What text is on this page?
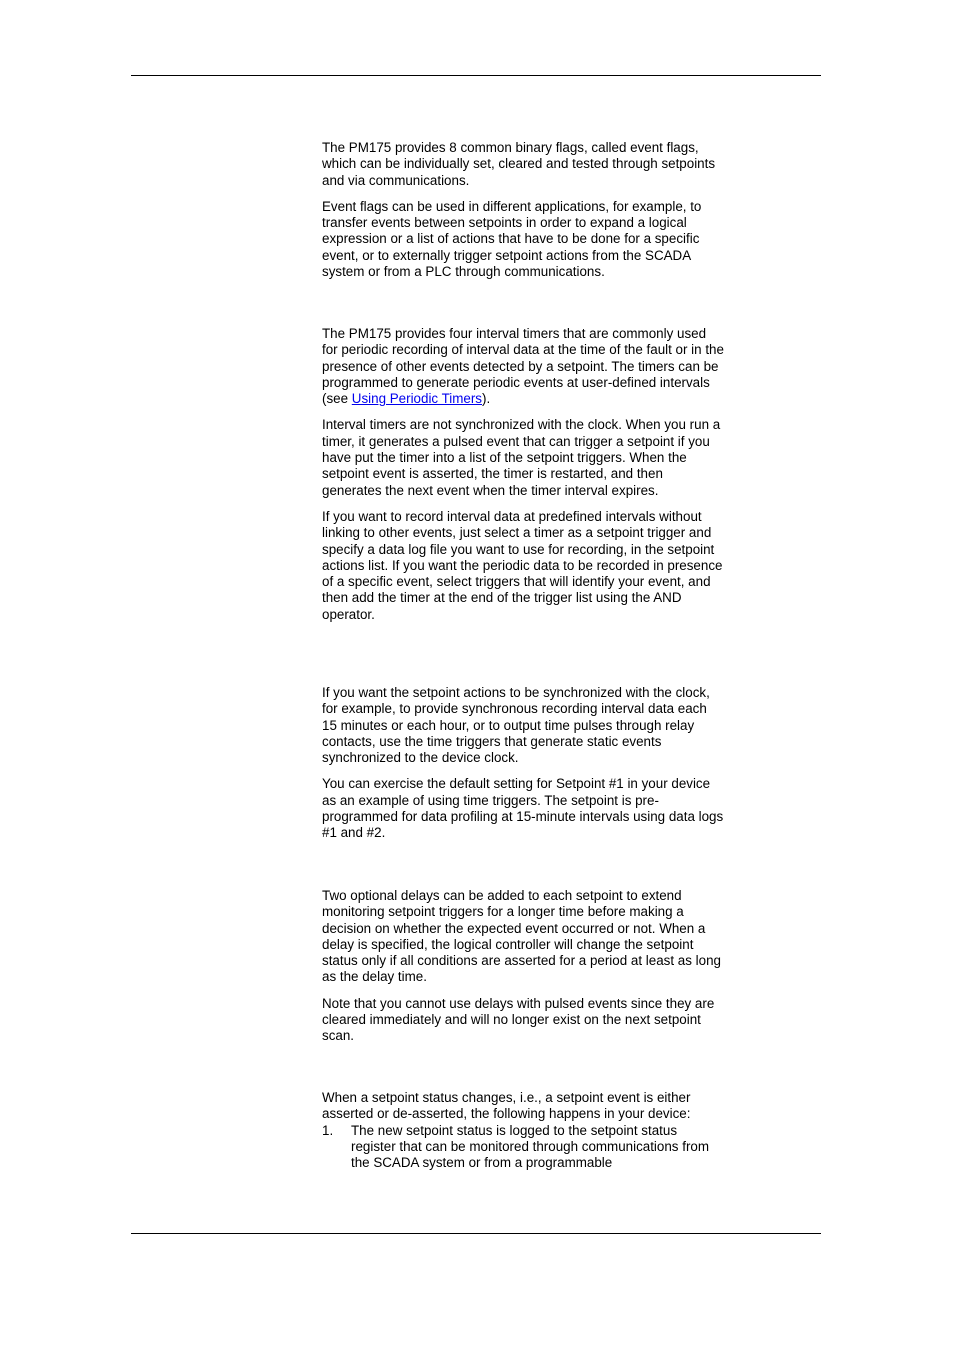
The PM175 provides 8 common binary flags, called event flags, which can be individually set, cleared and tested through setpoints and via communications.

Event flags can be used in different applications, for example, to transfer events between setpoints in order to expand a logical expression or a list of actions that have to be done for a specific event, or to externally trigger setpoint actions from the SCADA system or from a PLC through communications.

The PM175 provides four interval timers that are commonly used for periodic recording of interval data at the time of the fault or in the presence of other events detected by a setpoint. The timers can be programmed to generate periodic events at user-defined intervals (see Using Periodic Timers).

Interval timers are not synchronized with the clock. When you run a timer, it generates a pulsed event that can trigger a setpoint if you have put the timer into a list of the setpoint triggers. When the setpoint event is asserted, the timer is restarted, and then generates the next event when the timer interval expires.

If you want to record interval data at predefined intervals without linking to other events, just select a timer as a setpoint trigger and specify a data log file you want to use for recording, in the setpoint actions list. If you want the periodic data to be recorded in presence of a specific event, select triggers that will identify your event, and then add the timer at the end of the trigger list using the AND operator.

If you want the setpoint actions to be synchronized with the clock, for example, to provide synchronous recording interval data each 15 minutes or each hour, or to output time pulses through relay contacts, use the time triggers that generate static events synchronized to the device clock.

You can exercise the default setting for Setpoint #1 in your device as an example of using time triggers. The setpoint is pre-programmed for data profiling at 15-minute intervals using data logs #1 and #2.

Two optional delays can be added to each setpoint to extend monitoring setpoint triggers for a longer time before making a decision on whether the expected event occurred or not. When a delay is specified, the logical controller will change the setpoint status only if all conditions are asserted for a period at least as long as the delay time.

Note that you cannot use delays with pulsed events since they are cleared immediately and will no longer exist on the next setpoint scan.

When a setpoint status changes, i.e., a setpoint event is either asserted or de-asserted, the following happens in your device:

1. The new setpoint status is logged to the setpoint status register that can be monitored through communications from the SCADA system or from a programmable
